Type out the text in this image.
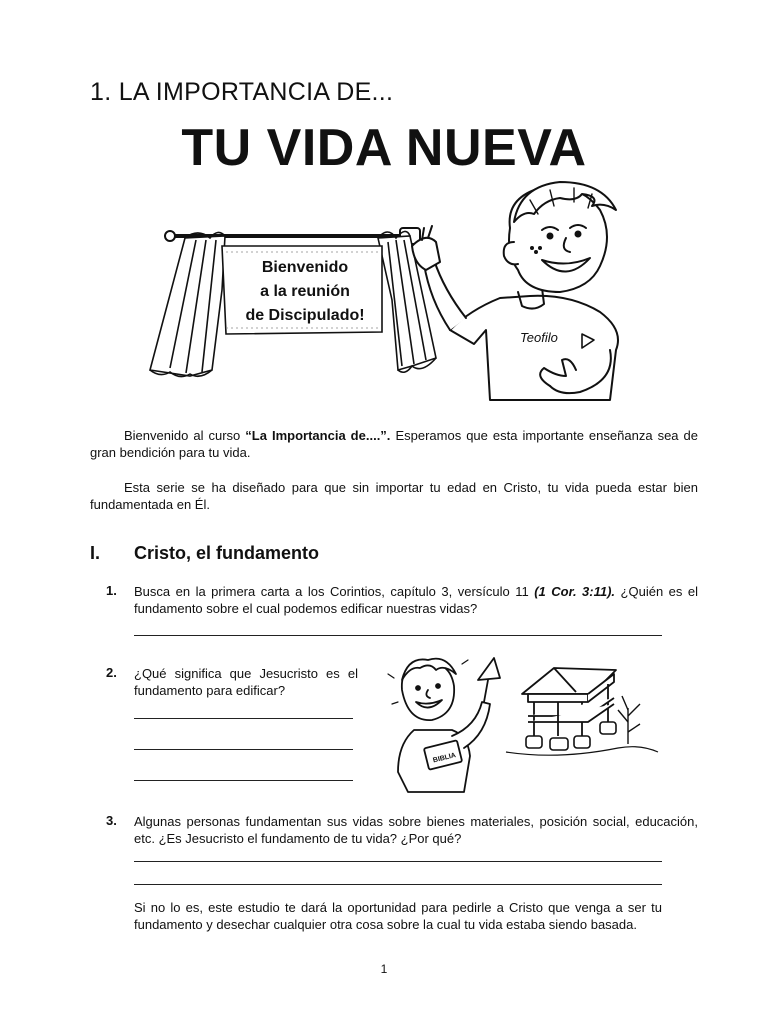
1. LA IMPORTANCIA DE...
TU VIDA NUEVA
Bienvenido
a la reunión
de Discipulado!
Teofilo
Bienvenido al curso “La Importancia de....”. Esperamos que esta importante enseñanza sea de gran bendición para tu vida.
Esta serie se ha diseñado para que sin importar tu edad en Cristo, tu vida pueda estar bien fundamentada en Él.
I. Cristo, el fundamento
1. Busca en la primera carta a los Corintios, capítulo 3, versículo 11 (1 Cor. 3:11). ¿Quién es el fundamento sobre el cual podemos edificar nuestras vidas?
2. ¿Qué significa que Jesucristo es el fundamento para edificar?
BIBLIA
3. Algunas personas fundamentan sus vidas sobre bienes materiales, posición social, educación, etc. ¿Es Jesucristo el fundamento de tu vida? ¿Por qué?
Si no lo es, este estudio te dará la oportunidad para pedirle a Cristo que venga a ser tu fundamento y desechar cualquier otra cosa sobre la cual tu vida estaba siendo basada.
1
